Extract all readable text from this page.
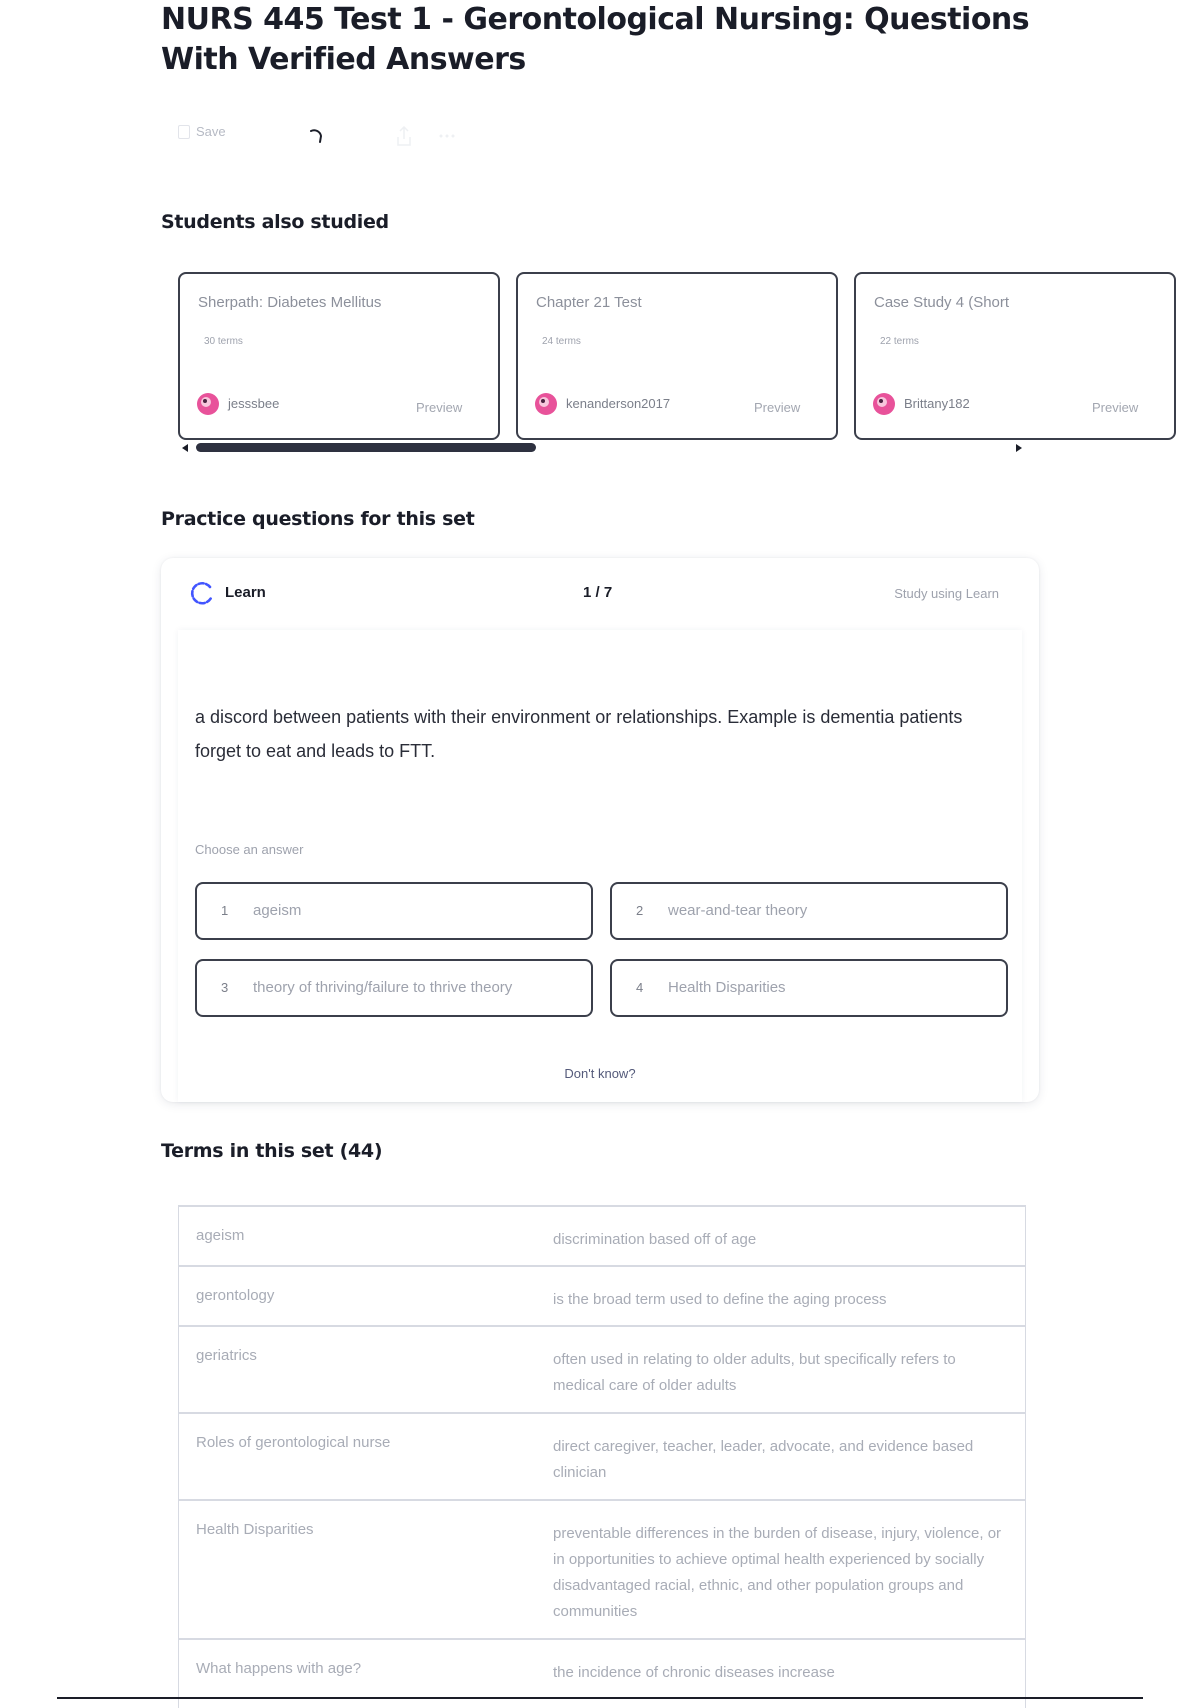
NURS 445 Test 1 - Gerontological Nursing: Questions With Verified Answers
Save
Students also studied
Sherpath: Diabetes Mellitus
30 terms
jesssbee	Preview
Chapter 21 Test
24 terms
kenanderson2017	Preview
Case Study 4 (Short
22 terms
Brittany182	Preview
Practice questions for this set
Learn	1 / 7	Study using Learn

a discord between patients with their environment or relationships. Example is dementia patients forget to eat and leads to FTT.

Choose an answer
1 ageism	2 wear-and-tear theory
3 theory of thriving/failure to thrive theory	4 Health Disparities
Don't know?
Terms in this set (44)
ageism	discrimination based off of age
gerontology	is the broad term used to define the aging process
geriatrics	often used in relating to older adults, but specifically refers to medical care of older adults
Roles of gerontological nurse	direct caregiver, teacher, leader, advocate, and evidence based clinician
Health Disparities	preventable differences in the burden of disease, injury, violence, or in opportunities to achieve optimal health experienced by socially disadvantaged racial, ethnic, and other population groups and communities
What happens with age?	the incidence of chronic diseases increase
